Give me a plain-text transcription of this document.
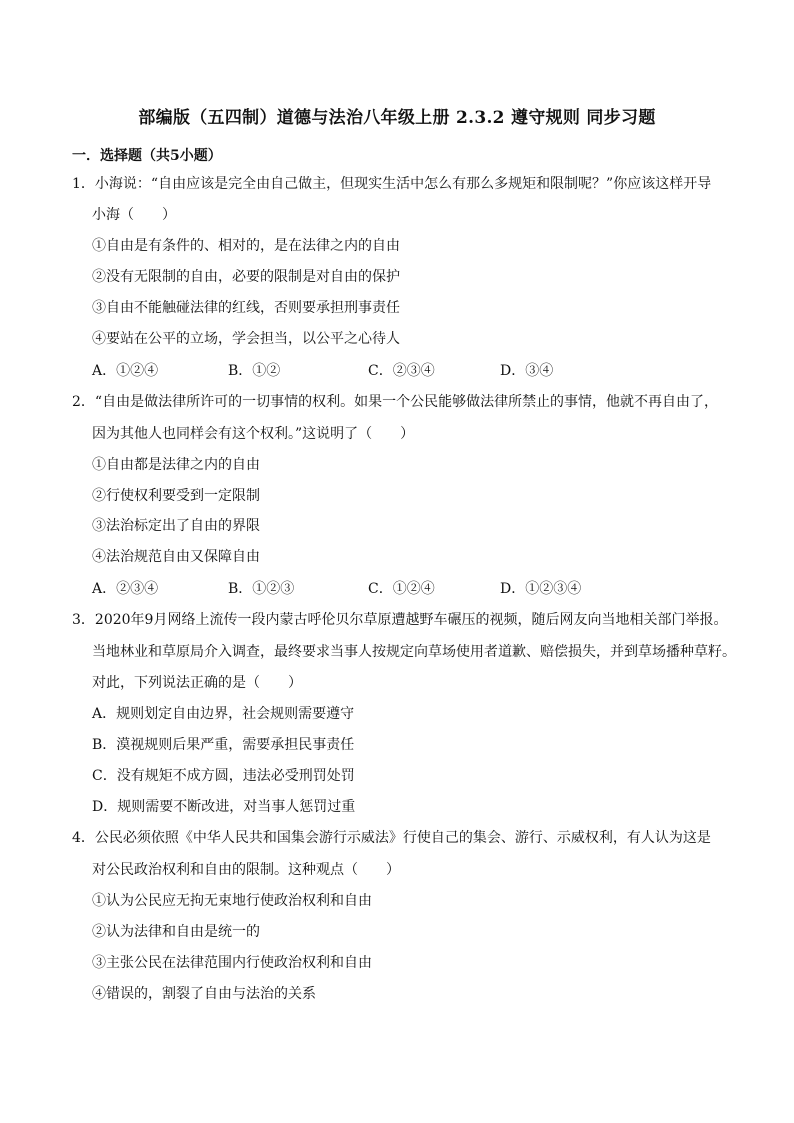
部编版（五四制）道德与法治八年级上册 2.3.2 遵守规则 同步习题
一．选择题（共5小题）
1．小海说：“自由应该是完全由自己做主，但现实生活中怎么有那么多规矩和限制呢？”你应该这样开导
小海（　　）
①自由是有条件的、相对的，是在法律之内的自由
②没有无限制的自由，必要的限制是对自由的保护
③自由不能触碰法律的红线，否则要承担刑事责任
④要站在公平的立场，学会担当，以公平之心待人
A．①②④	B．①②	C．②③④	D．③④
2．“自由是做法律所许可的一切事情的权利。如果一个公民能够做法律所禁止的事情，他就不再自由了，
因为其他人也同样会有这个权利。”这说明了（　　）
①自由都是法律之内的自由
②行使权利要受到一定限制
③法治标定出了自由的界限
④法治规范自由又保障自由
A．②③④	B．①②③	C．①②④	D．①②③④
3．2020年9月网络上流传一段内蒙古呼伦贝尔草原遭越野车碾压的视频，随后网友向当地相关部门举报。
当地林业和草原局介入调查，最终要求当事人按规定向草场使用者道歉、赔偿损失，并到草场播种草籽。
对此，下列说法正确的是（　　）
A．规则划定自由边界，社会规则需要遵守
B．漠视规则后果严重，需要承担民事责任
C．没有规矩不成方圆，违法必受刑罚处罚
D．规则需要不断改进，对当事人惩罚过重
4．公民必须依照《中华人民共和国集会游行示威法》行使自己的集会、游行、示威权利，有人认为这是
对公民政治权利和自由的限制。这种观点（　　）
①认为公民应无拘无束地行使政治权利和自由
②认为法律和自由是统一的
③主张公民在法律范围内行使政治权利和自由
④错误的，割裂了自由与法治的关系
